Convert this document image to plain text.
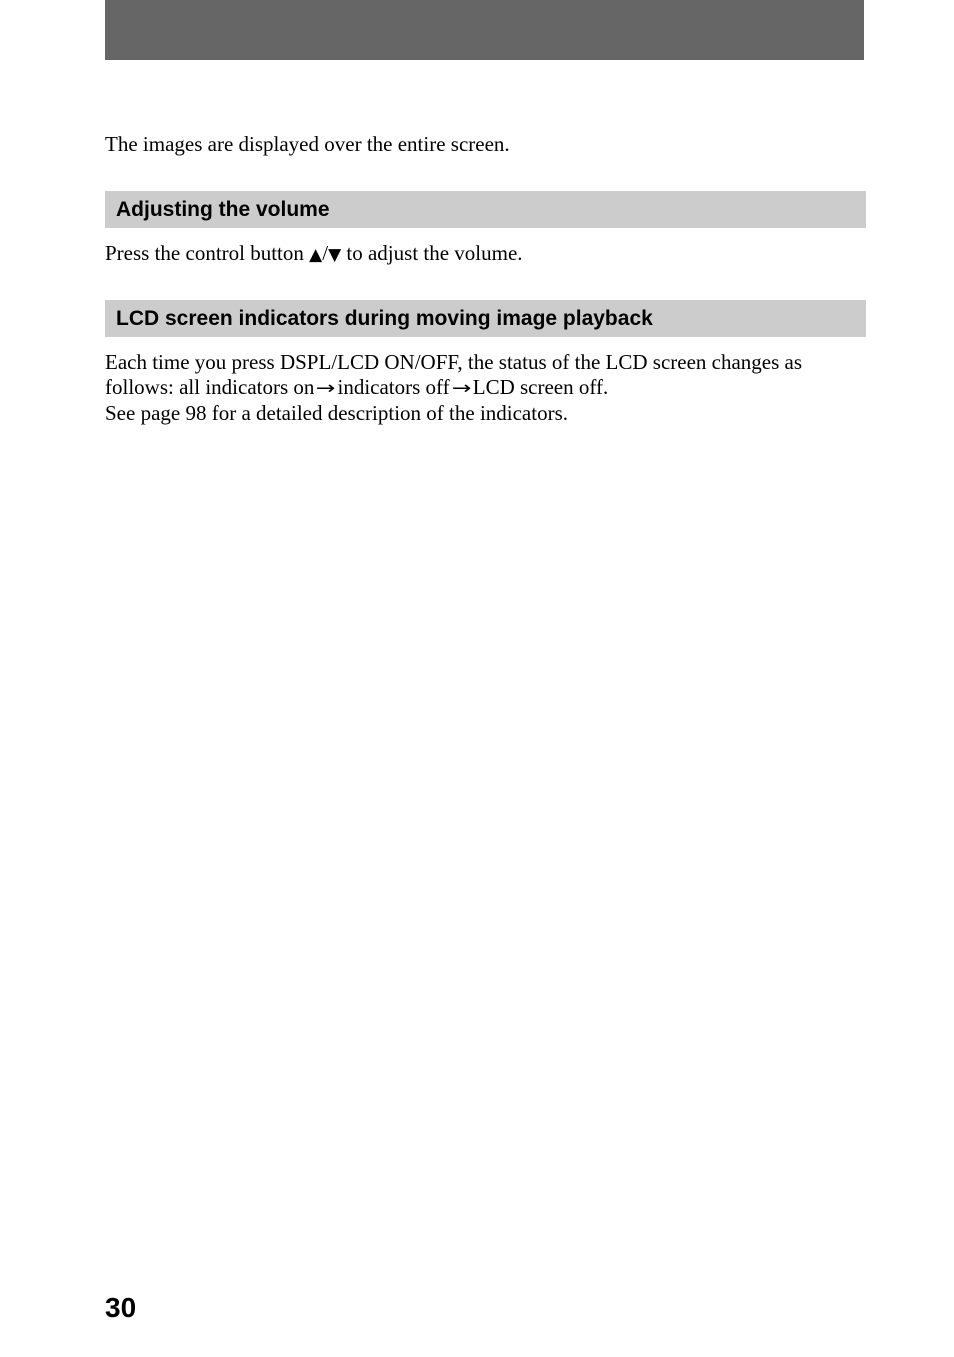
The images are displayed over the entire screen.

Adjusting the volume

Press the control button ▲/▼ to adjust the volume.

LCD screen indicators during moving image playback
Each time you press DSPL/LCD ON/OFF, the status of the LCD screen changes as
follows: all indicators on→indicators off→LCD screen off.
See page 98 for a detailed description of the indicators.
30
